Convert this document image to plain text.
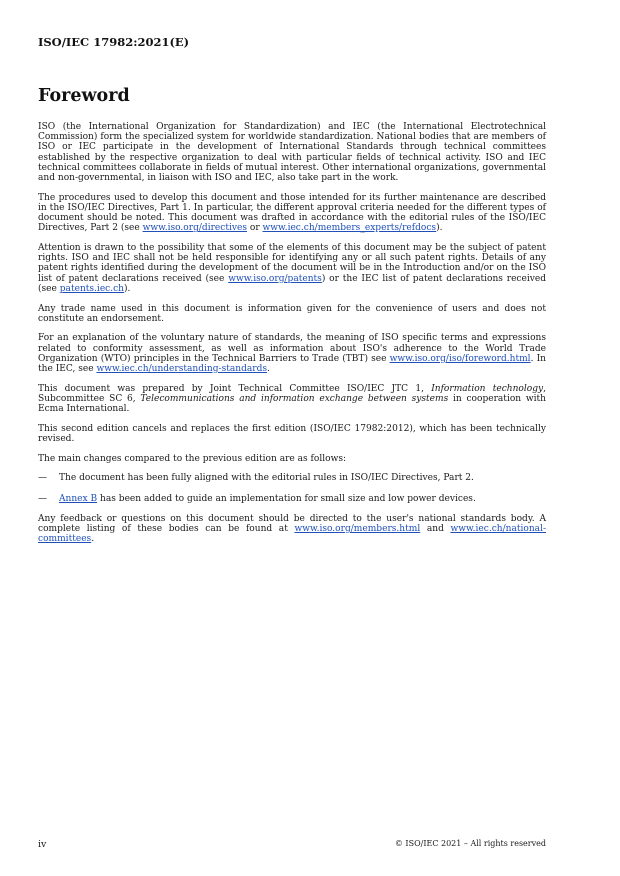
ISO/IEC 17982:2021(E)
Foreword

ISO (the International Organization for Standardization) and IEC (the International Electrotechnical Commission) form the specialized system for worldwide standardization. National bodies that are members of ISO or IEC participate in the development of International Standards through technical committees established by the respective organization to deal with particular fields of technical activity. ISO and IEC technical committees collaborate in fields of mutual interest. Other international organizations, governmental and non-governmental, in liaison with ISO and IEC, also take part in the work.

The procedures used to develop this document and those intended for its further maintenance are described in the ISO/IEC Directives, Part 1. In particular, the different approval criteria needed for the different types of document should be noted. This document was drafted in accordance with the editorial rules of the ISO/IEC Directives, Part 2 (see www.iso.org/directives or www.iec.ch/members_experts/refdocs).

Attention is drawn to the possibility that some of the elements of this document may be the subject of patent rights. ISO and IEC shall not be held responsible for identifying any or all such patent rights. Details of any patent rights identified during the development of the document will be in the Introduction and/or on the ISO list of patent declarations received (see www.iso.org/patents) or the IEC list of patent declarations received (see patents.iec.ch).

Any trade name used in this document is information given for the convenience of users and does not constitute an endorsement.

For an explanation of the voluntary nature of standards, the meaning of ISO specific terms and expressions related to conformity assessment, as well as information about ISO's adherence to the World Trade Organization (WTO) principles in the Technical Barriers to Trade (TBT) see www.iso.org/iso/foreword.html. In the IEC, see www.iec.ch/understanding-standards.

This document was prepared by Joint Technical Committee ISO/IEC JTC 1, Information technology, Subcommittee SC 6, Telecommunications and information exchange between systems in cooperation with Ecma International.

This second edition cancels and replaces the first edition (ISO/IEC 17982:2012), which has been technically revised.

The main changes compared to the previous edition are as follows:

—	The document has been fully aligned with the editorial rules in ISO/IEC Directives, Part 2.
—	Annex B has been added to guide an implementation for small size and low power devices.

Any feedback or questions on this document should be directed to the user's national standards body. A complete listing of these bodies can be found at www.iso.org/members.html and www.iec.ch/national-committees.

iv	© ISO/IEC 2021 – All rights reserved
